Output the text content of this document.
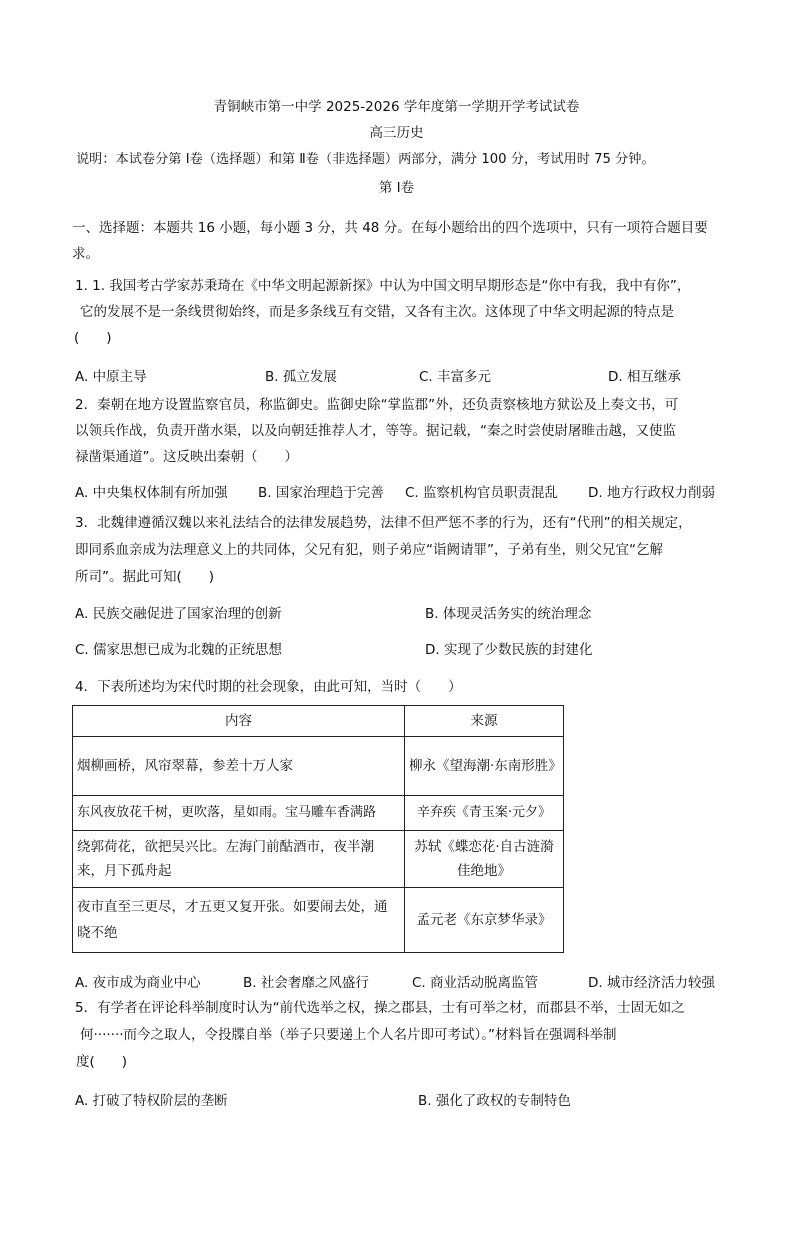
青铜峡市第一中学 2025-2026 学年度第一学期开学考试试卷
高三历史
说明：本试卷分第 Ⅰ卷（选择题）和第 Ⅱ卷（非选择题）两部分，满分 100 分，考试用时 75 分钟。
第 Ⅰ卷
一、选择题：本题共 16 小题，每小题 3 分，共 48 分。在每小题给出的四个选项中，只有一项符合题目要
求。
1. 1. 我国考古学家苏秉琦在《中华文明起源新探》中认为中国文明早期形态是“你中有我，我中有你”，
它的发展不是一条线贯彻始终，而是多条线互有交错，又各有主次。这体现了中华文明起源的特点是
(　　)
A. 中原主导	B. 孤立发展	C. 丰富多元	D. 相互继承
2．秦朝在地方设置监察官员，称监御史。监御史除“掌监郡”外，还负责察核地方狱讼及上奏文书，可
以领兵作战，负责开凿水渠，以及向朝廷推荐人才，等等。据记载，“秦之时尝使尉屠睢击越，又使监
禄凿渠通道”。这反映出秦朝（　　）
A. 中央集权体制有所加强 B. 国家治理趋于完善 C. 监察机构官员职责混乱 D. 地方行政权力削弱
3．北魏律遵循汉魏以来礼法结合的法律发展趋势，法律不但严惩不孝的行为，还有“代刑”的相关规定，
即同系血亲成为法理意义上的共同体，父兄有犯，则子弟应“诣阙请罪”，子弟有坐，则父兄宜“乞解
所司”。据此可知(　　)
A. 民族交融促进了国家治理的创新	B. 体现灵活务实的统治理念
C. 儒家思想已成为北魏的正统思想	D. 实现了少数民族的封建化
4．下表所述均为宋代时期的社会现象，由此可知，当时（　　）
内容	来源
烟柳画桥，风帘翠幕，参差十万人家	柳永《望海潮·东南形胜》
东风夜放花千树，更吹落，星如雨。宝马雕车香满路	辛弃疾《青玉案·元夕》
绕郭荷花，欲把吴兴比。左海门前酤酒市，夜半潮来，月下孤舟起	苏轼《蝶恋花·自古涟漪佳绝地》
夜市直至三更尽，才五更又复开张。如要闹去处，通晓不绝	孟元老《东京梦华录》
A. 夜市成为商业中心	B. 社会奢靡之风盛行	C. 商业活动脱离监管	D. 城市经济活力较强
5．有学者在评论科举制度时认为“前代选举之权，操之郡县，士有可举之材，而郡县不举，士固无如之
何·······而今之取人，令投牒自举（举子只要递上个人名片即可考试）。”材料旨在强调科举制
度(　　)
A. 打破了特权阶层的垄断	B. 强化了政权的专制特色
